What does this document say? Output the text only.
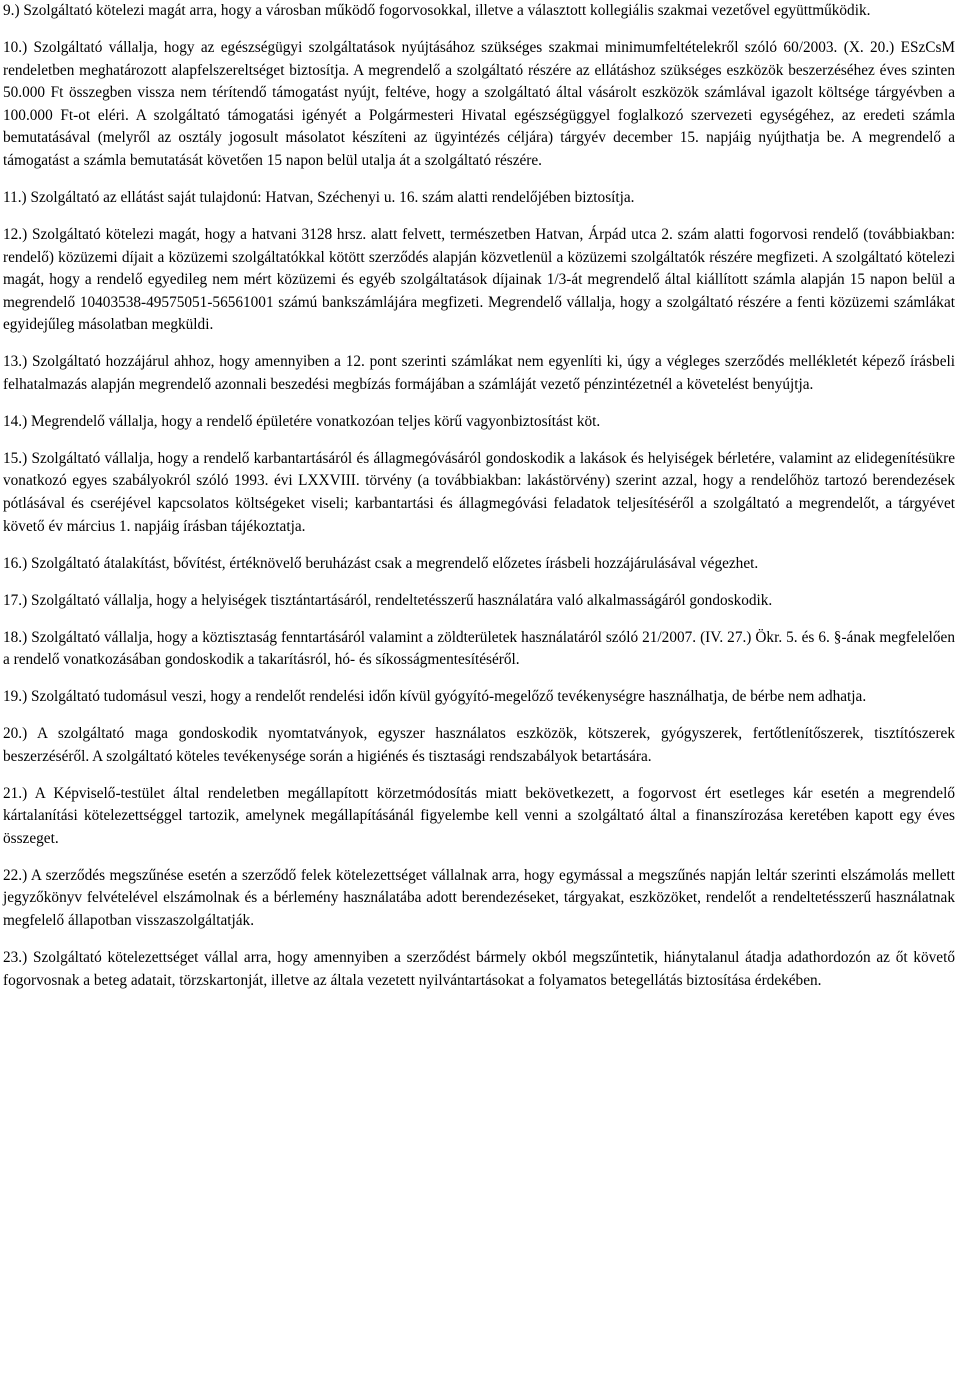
9.) Szolgáltató kötelezi magát arra, hogy a városban működő fogorvosokkal, illetve a választott kollegiális szakmai vezetővel együttműködik.

10.) Szolgáltató vállalja, hogy az egészségügyi szolgáltatások nyújtásához szükséges szakmai minimumfeltételekről szóló 60/2003. (X. 20.) ESzCsM rendeletben meghatározott alapfelszereltséget biztosítja. A megrendelő a szolgáltató részére az ellátáshoz szükséges eszközök beszerzéséhez éves szinten 50.000 Ft összegben vissza nem térítendő támogatást nyújt, feltéve, hogy a szolgáltató által vásárolt eszközök számlával igazolt költsége tárgyévben a 100.000 Ft-ot eléri. A szolgáltató támogatási igényét a Polgármesteri Hivatal egészségüggyel foglalkozó szervezeti egységéhez, az eredeti számla bemutatásával (melyről az osztály jogosult másolatot készíteni az ügyintézés céljára) tárgyév december 15. napjáig nyújthatja be. A megrendelő a támogatást a számla bemutatását követően 15 napon belül utalja át a szolgáltató részére.

11.) Szolgáltató az ellátást saját tulajdonú: Hatvan, Széchenyi u. 16. szám alatti rendelőjében biztosítja.

12.) Szolgáltató kötelezi magát, hogy a hatvani 3128 hrsz. alatt felvett, természetben Hatvan, Árpád utca 2. szám alatti fogorvosi rendelő (továbbiakban: rendelő) közüzemi díjait a közüzemi szolgáltatókkal kötött szerződés alapján közvetlenül a közüzemi szolgáltatók részére megfizeti. A szolgáltató kötelezi magát, hogy a rendelő egyedileg nem mért közüzemi és egyéb szolgáltatások díjainak 1/3-át megrendelő által kiállított számla alapján 15 napon belül a megrendelő 10403538-49575051-56561001 számú bankszámlájára megfizeti. Megrendelő vállalja, hogy a szolgáltató részére a fenti közüzemi számlákat egyidejűleg másolatban megküldi.

13.) Szolgáltató hozzájárul ahhoz, hogy amennyiben a 12. pont szerinti számlákat nem egyenlíti ki, úgy a végleges szerződés mellékletét képező írásbeli felhatalmazás alapján megrendelő azonnali beszedési megbízás formájában a számláját vezető pénzintézetnél a követelést benyújtja.

14.) Megrendelő vállalja, hogy a rendelő épületére vonatkozóan teljes körű vagyonbiztosítást köt.

15.) Szolgáltató vállalja, hogy a rendelő karbantartásáról és állagmegóvásáról gondoskodik a lakások és helyiségek bérletére, valamint az elidegenítésükre vonatkozó egyes szabályokról szóló 1993. évi LXXVIII. törvény (a továbbiakban: lakástörvény) szerint azzal, hogy a rendelőhöz tartozó berendezések pótlásával és cseréjével kapcsolatos költségeket viseli; karbantartási és állagmegóvási feladatok teljesítéséről a szolgáltató a megrendelőt, a tárgyévet követő év március 1. napjáig írásban tájékoztatja.

16.) Szolgáltató átalakítást, bővítést, értéknövelő beruházást csak a megrendelő előzetes írásbeli hozzájárulásával végezhet.

17.) Szolgáltató vállalja, hogy a helyiségek tisztántartásáról, rendeltetésszerű használatára való alkalmasságáról gondoskodik.

18.) Szolgáltató vállalja, hogy a köztisztaság fenntartásáról valamint a zöldterületek használatáról szóló 21/2007. (IV. 27.) Ökr. 5. és 6. §-ának megfelelően a rendelő vonatkozásában gondoskodik a takarításról, hó- és síkosságmentesítéséről.

19.) Szolgáltató tudomásul veszi, hogy a rendelőt rendelési időn kívül gyógyító-megelőző tevékenységre használhatja, de bérbe nem adhatja.

20.) A szolgáltató maga gondoskodik nyomtatványok, egyszer használatos eszközök, kötszerek, gyógyszerek, fertőtlenítőszerek, tisztítószerek beszerzéséről. A szolgáltató köteles tevékenysége során a higiénés és tisztasági rendszabályok betartására.

21.) A Képviselő-testület által rendeletben megállapított körzetmódosítás miatt bekövetkezett, a fogorvost ért esetleges kár esetén a megrendelő kártalanítási kötelezettséggel tartozik, amelynek megállapításánál figyelembe kell venni a szolgáltató által a finanszírozása keretében kapott egy éves összeget.

22.) A szerződés megszűnése esetén a szerződő felek kötelezettséget vállalnak arra, hogy egymással a megszűnés napján leltár szerinti elszámolás mellett jegyzőkönyv felvételével elszámolnak és a bérlemény használatába adott berendezéseket, tárgyakat, eszközöket, rendelőt a rendeltetésszerű használatnak megfelelő állapotban visszaszolgáltatják.

23.) Szolgáltató kötelezettséget vállal arra, hogy amennyiben a szerződést bármely okból megszűntetik, hiánytalanul átadja adathordozón az őt követő fogorvosnak a beteg adatait, törzskartonját, illetve az általa vezetett nyilvántartásokat a folyamatos betegellátás biztosítása érdekében.
